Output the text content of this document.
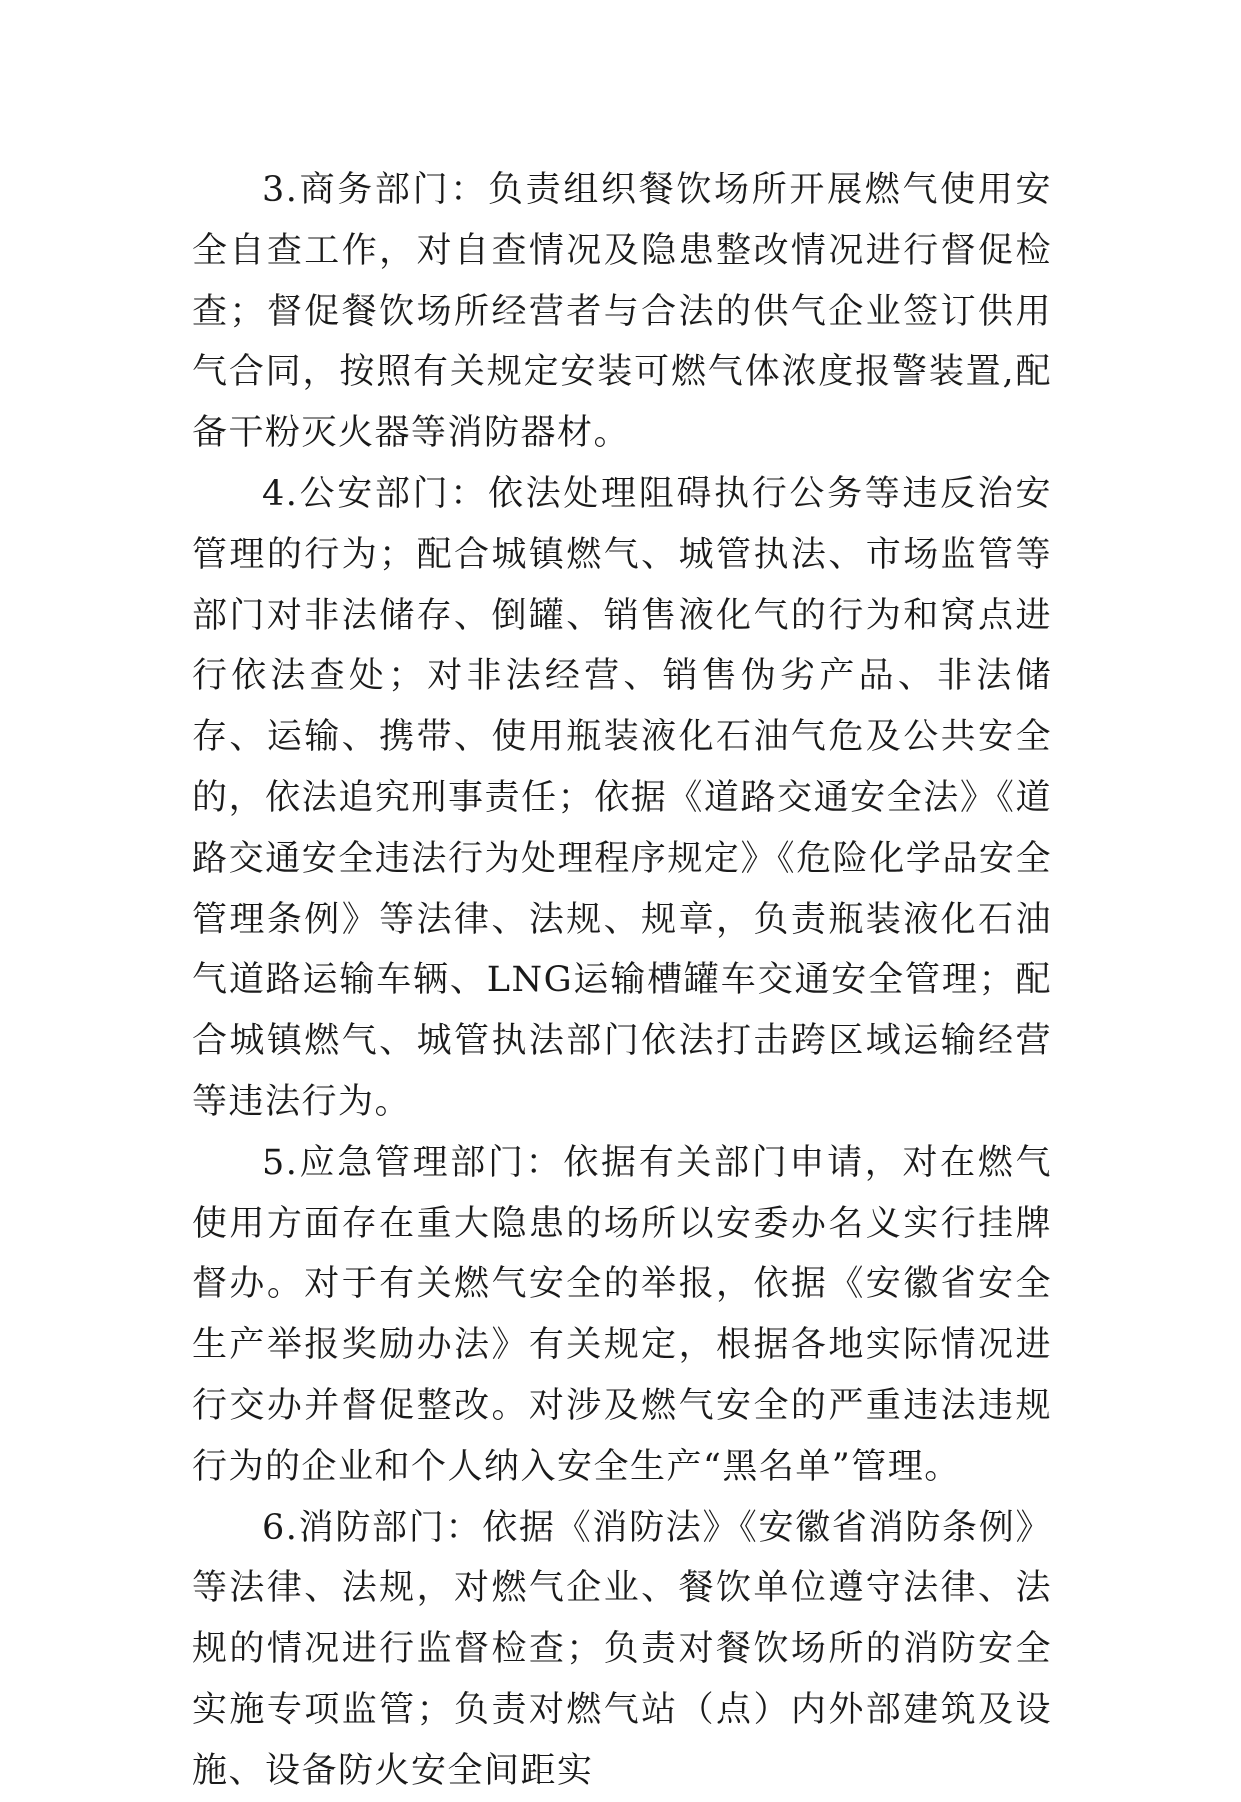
3.商务部门：负责组织餐饮场所开展燃气使用安全自查工作，对自查情况及隐患整改情况进行督促检查；督促餐饮场所经营者与合法的供气企业签订供用气合同，按照有关规定安装可燃气体浓度报警装置,配备干粉灭火器等消防器材。

4.公安部门：依法处理阻碍执行公务等违反治安管理的行为；配合城镇燃气、城管执法、市场监管等部门对非法储存、倒罐、销售液化气的行为和窝点进行依法查处；对非法经营、销售伪劣产品、非法储存、运输、携带、使用瓶装液化石油气危及公共安全的，依法追究刑事责任；依据《道路交通安全法》《道路交通安全违法行为处理程序规定》《危险化学品安全管理条例》等法律、法规、规章，负责瓶装液化石油气道路运输车辆、LNG运输槽罐车交通安全管理；配合城镇燃气、城管执法部门依法打击跨区域运输经营等违法行为。

5.应急管理部门：依据有关部门申请，对在燃气使用方面存在重大隐患的场所以安委办名义实行挂牌督办。对于有关燃气安全的举报，依据《安徽省安全生产举报奖励办法》有关规定，根据各地实际情况进行交办并督促整改。对涉及燃气安全的严重违法违规行为的企业和个人纳入安全生产“黑名单”管理。

6.消防部门：依据《消防法》《安徽省消防条例》等法律、法规，对燃气企业、餐饮单位遵守法律、法规的情况进行监督检查；负责对餐饮场所的消防安全实施专项监管；负责对燃气站（点）内外部建筑及设施、设备防火安全间距实
